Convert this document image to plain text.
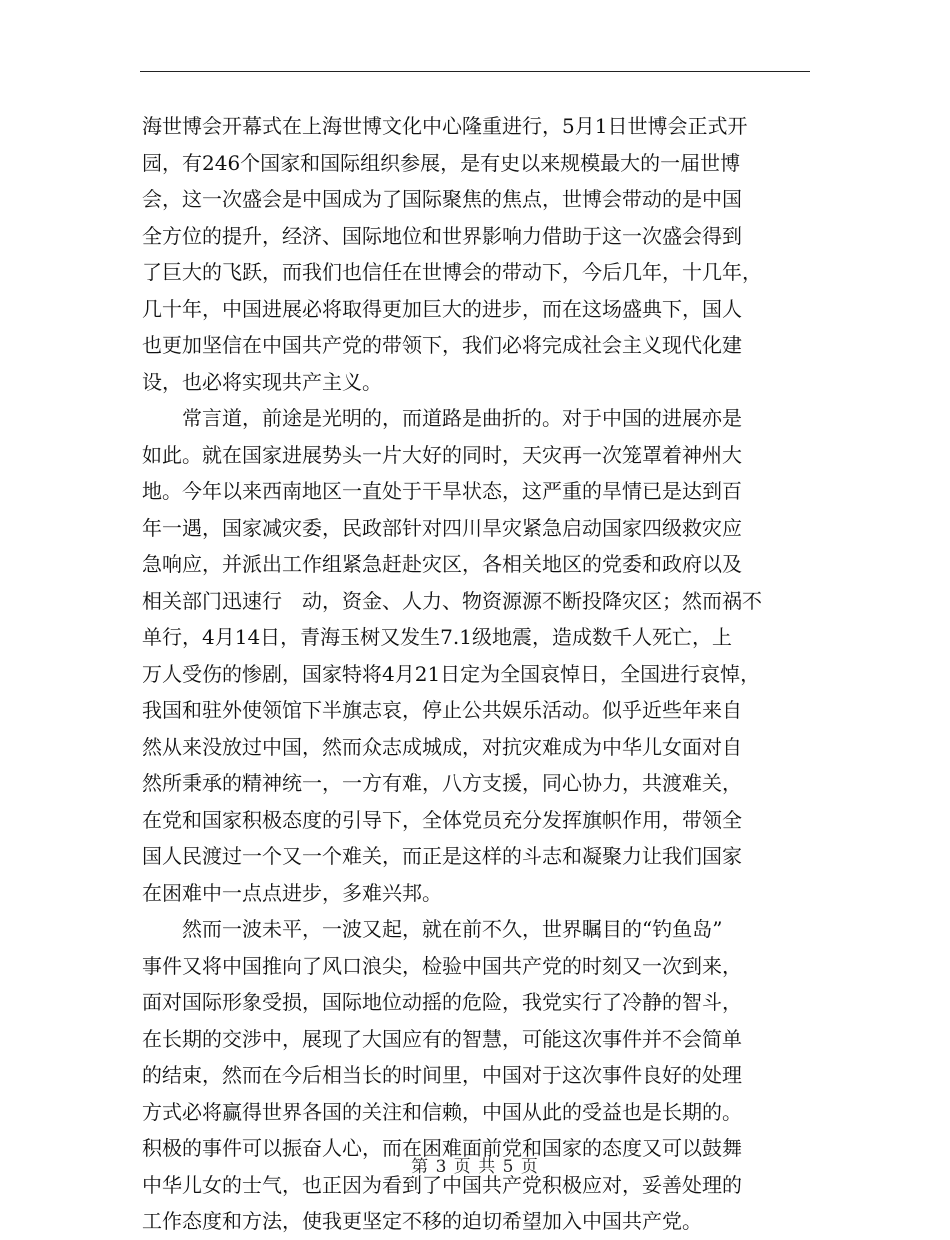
海世博会开幕式在上海世博文化中心隆重进行，5月1日世博会正式开
园，有246个国家和国际组织参展，是有史以来规模最大的一届世博
会，这一次盛会是中国成为了国际聚焦的焦点，世博会带动的是中国
全方位的提升，经济、国际地位和世界影响力借助于这一次盛会得到
了巨大的飞跃，而我们也信任在世博会的带动下，今后几年，十几年，
几十年，中国进展必将取得更加巨大的进步，而在这场盛典下，国人
也更加坚信在中国共产党的带领下，我们必将完成社会主义现代化建
设，也必将实现共产主义。
　　常言道，前途是光明的，而道路是曲折的。对于中国的进展亦是
如此。就在国家进展势头一片大好的同时，天灾再一次笼罩着神州大
地。今年以来西南地区一直处于干旱状态，这严重的旱情已是达到百
年一遇，国家减灾委，民政部针对四川旱灾紧急启动国家四级救灾应
急响应，并派出工作组紧急赶赴灾区，各相关地区的党委和政府以及
相关部门迅速行　动，资金、人力、物资源源不断投降灾区；然而祸不
单行，4月14日，青海玉树又发生7.1级地震，造成数千人死亡，上
万人受伤的惨剧，国家特将4月21日定为全国哀悼日，全国进行哀悼，
我国和驻外使领馆下半旗志哀，停止公共娱乐活动。似乎近些年来自
然从来没放过中国，然而众志成城成，对抗灾难成为中华儿女面对自
然所秉承的精神统一，一方有难，八方支援，同心协力，共渡难关，
在党和国家积极态度的引导下，全体党员充分发挥旗帜作用，带领全
国人民渡过一个又一个难关，而正是这样的斗志和凝聚力让我们国家
在困难中一点点进步，多难兴邦。
　　然而一波未平，一波又起，就在前不久，世界瞩目的“钓鱼岛”
事件又将中国推向了风口浪尖，检验中国共产党的时刻又一次到来，
面对国际形象受损，国际地位动摇的危险，我党实行了冷静的智斗，
在长期的交涉中，展现了大国应有的智慧，可能这次事件并不会简单
的结束，然而在今后相当长的时间里，中国对于这次事件良好的处理
方式必将赢得世界各国的关注和信赖，中国从此的受益也是长期的。
积极的事件可以振奋人心，而在困难面前党和国家的态度又可以鼓舞
中华儿女的士气，也正因为看到了中国共产党积极应对，妥善处理的
工作态度和方法，使我更坚定不移的迫切希望加入中国共产党。
第 3 页 共 5 页
